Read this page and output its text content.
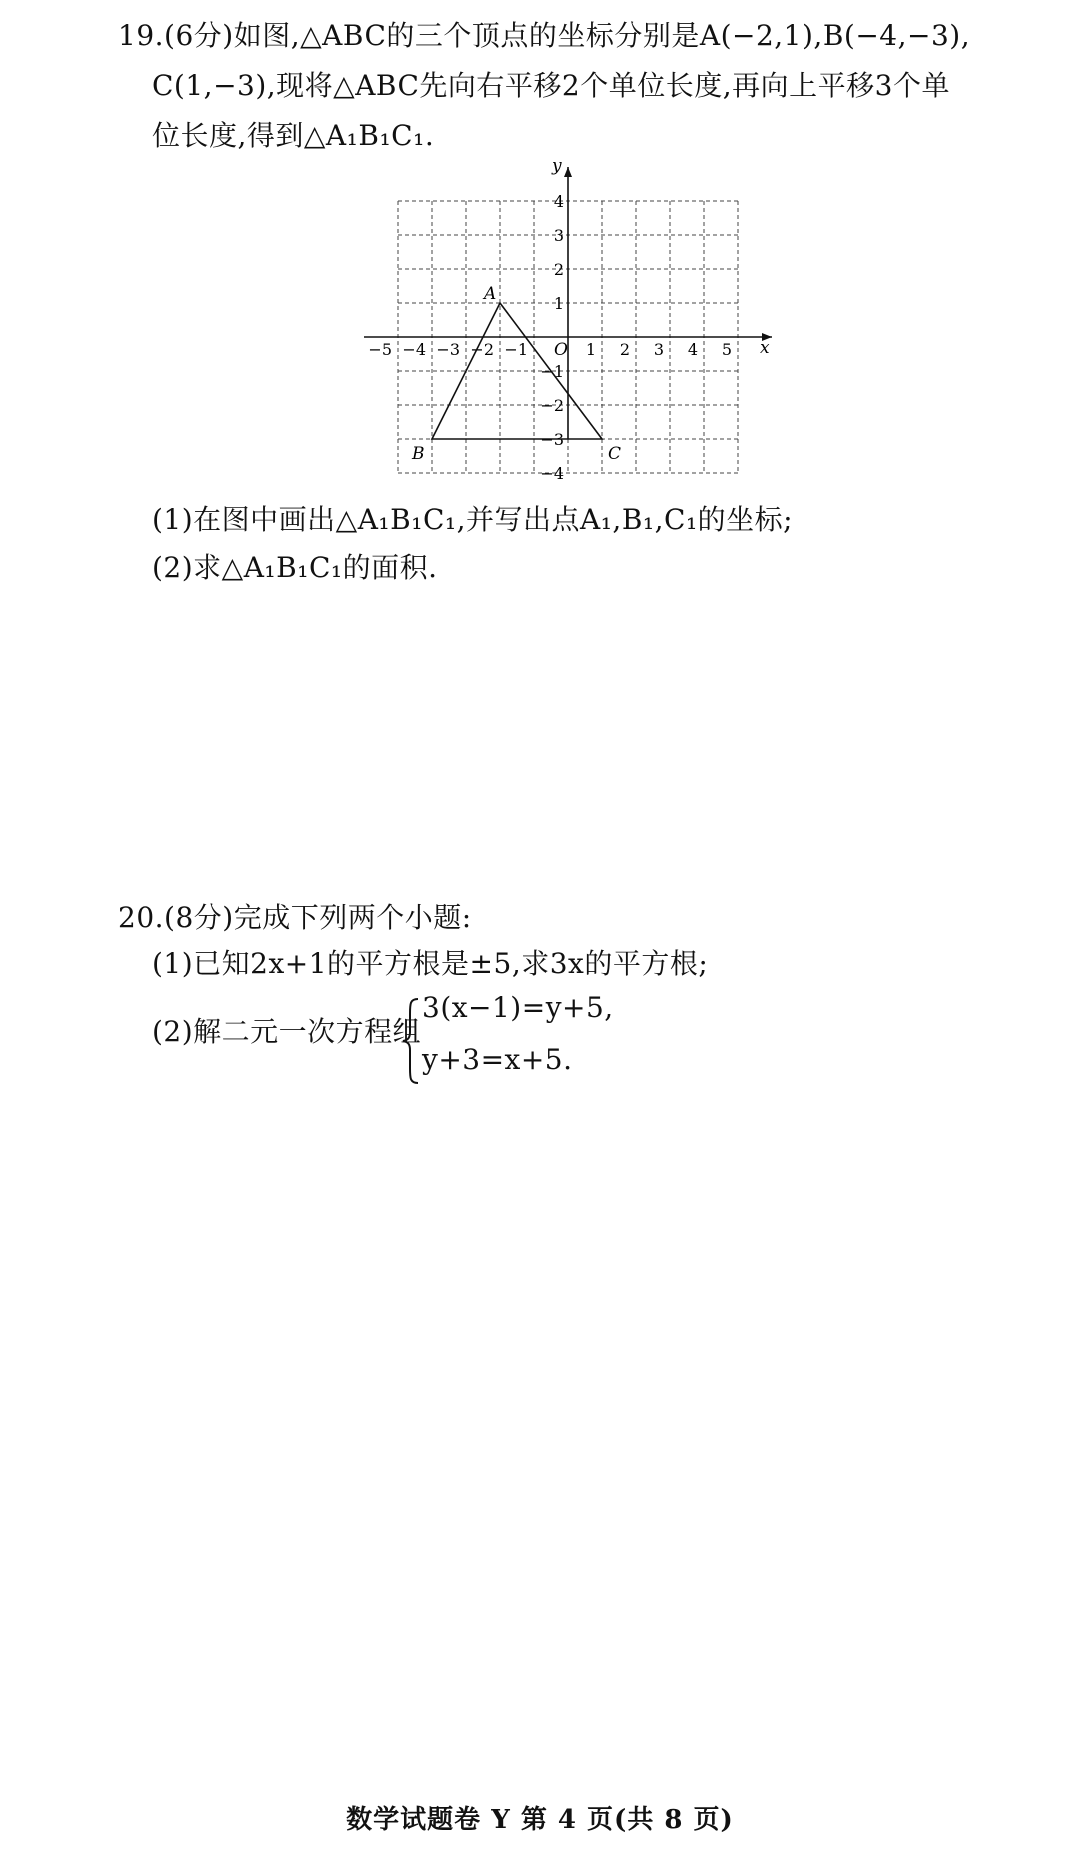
19.(6分)如图,△ABC的三个顶点的坐标分别是A(−2,1),B(−4,−3),
C(1,−3),现将△ABC先向右平移2个单位长度,再向上平移3个单
位长度,得到△A₁B₁C₁.
−5 −4 −3 −2 −1	1 2 3 4 5
4
3
2
1
−1
−2
−3
−4
x
y
O
A
B	C
(1)在图中画出△A₁B₁C₁,并写出点A₁,B₁,C₁的坐标;
(2)求△A₁B₁C₁的面积.
20.(8分)完成下列两个小题:
(1)已知2x+1的平方根是±5,求3x的平方根;
(2)解二元一次方程组
3(x−1)=y+5,
y+3=x+5.
数学试题卷 Y 第 4 页(共 8 页)
